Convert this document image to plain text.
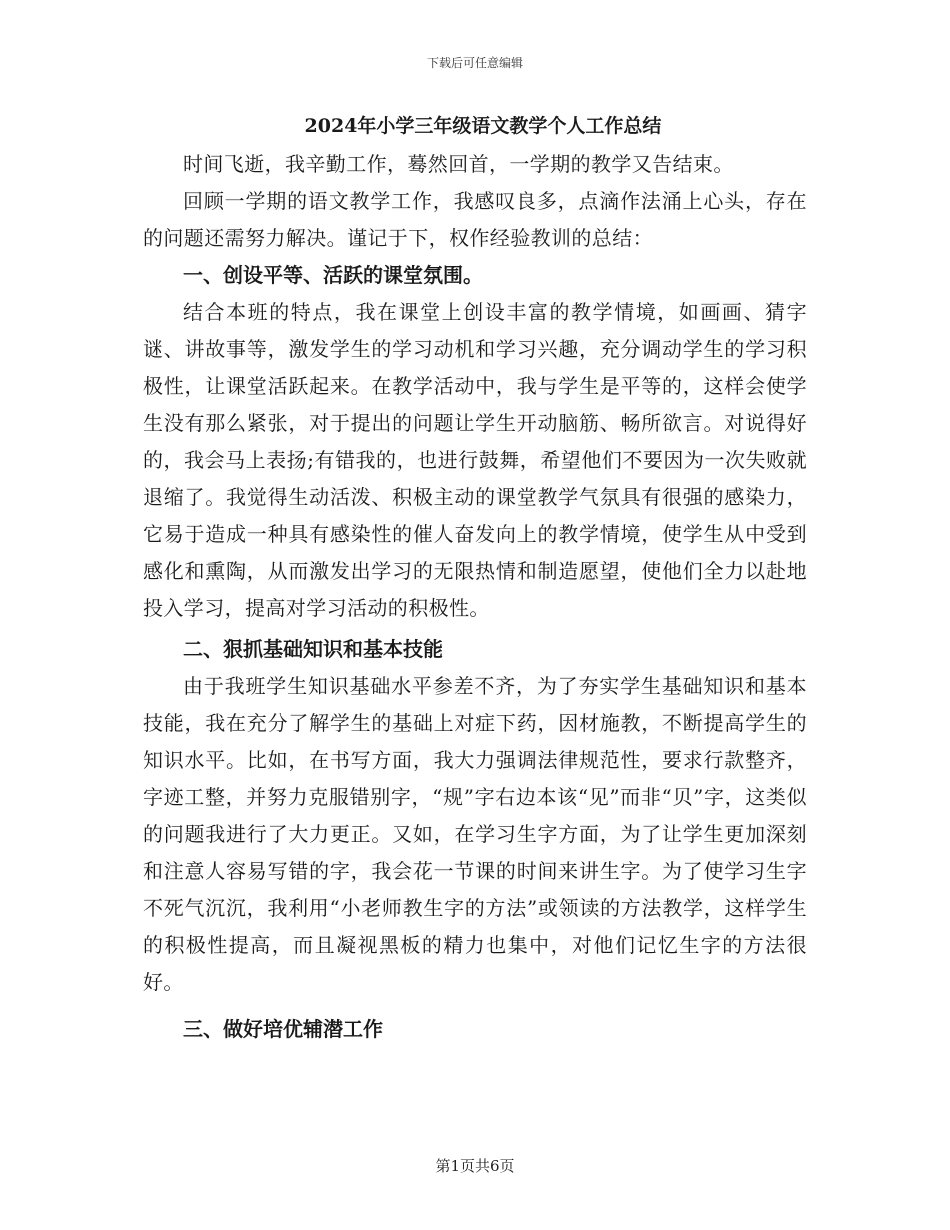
下载后可任意编辑
2024年小学三年级语文教学个人工作总结

时间飞逝，我辛勤工作，蓦然回首，一学期的教学又告结束。

回顾一学期的语文教学工作，我感叹良多，点滴作法涌上心头，存在的问题还需努力解决。谨记于下，权作经验教训的总结：

一、创设平等、活跃的课堂氛围。

结合本班的特点，我在课堂上创设丰富的教学情境，如画画、猜字谜、讲故事等，激发学生的学习动机和学习兴趣，充分调动学生的学习积极性，让课堂活跃起来。在教学活动中，我与学生是平等的，这样会使学生没有那么紧张，对于提出的问题让学生开动脑筋、畅所欲言。对说得好的，我会马上表扬;有错我的，也进行鼓舞，希望他们不要因为一次失败就退缩了。我觉得生动活泼、积极主动的课堂教学气氛具有很强的感染力，它易于造成一种具有感染性的催人奋发向上的教学情境，使学生从中受到感化和熏陶，从而激发出学习的无限热情和制造愿望，使他们全力以赴地投入学习，提高对学习活动的积极性。

二、狠抓基础知识和基本技能

由于我班学生知识基础水平参差不齐，为了夯实学生基础知识和基本技能，我在充分了解学生的基础上对症下药，因材施教，不断提高学生的知识水平。比如，在书写方面，我大力强调法律规范性，要求行款整齐，字迹工整，并努力克服错别字，“规”字右边本该“见”而非“贝”字，这类似的问题我进行了大力更正。又如，在学习生字方面，为了让学生更加深刻和注意人容易写错的字，我会花一节课的时间来讲生字。为了使学习生字不死气沉沉，我利用“小老师教生字的方法”或领读的方法教学，这样学生的积极性提高，而且凝视黑板的精力也集中，对他们记忆生字的方法很好。

三、做好培优辅潜工作
第1页共6页
